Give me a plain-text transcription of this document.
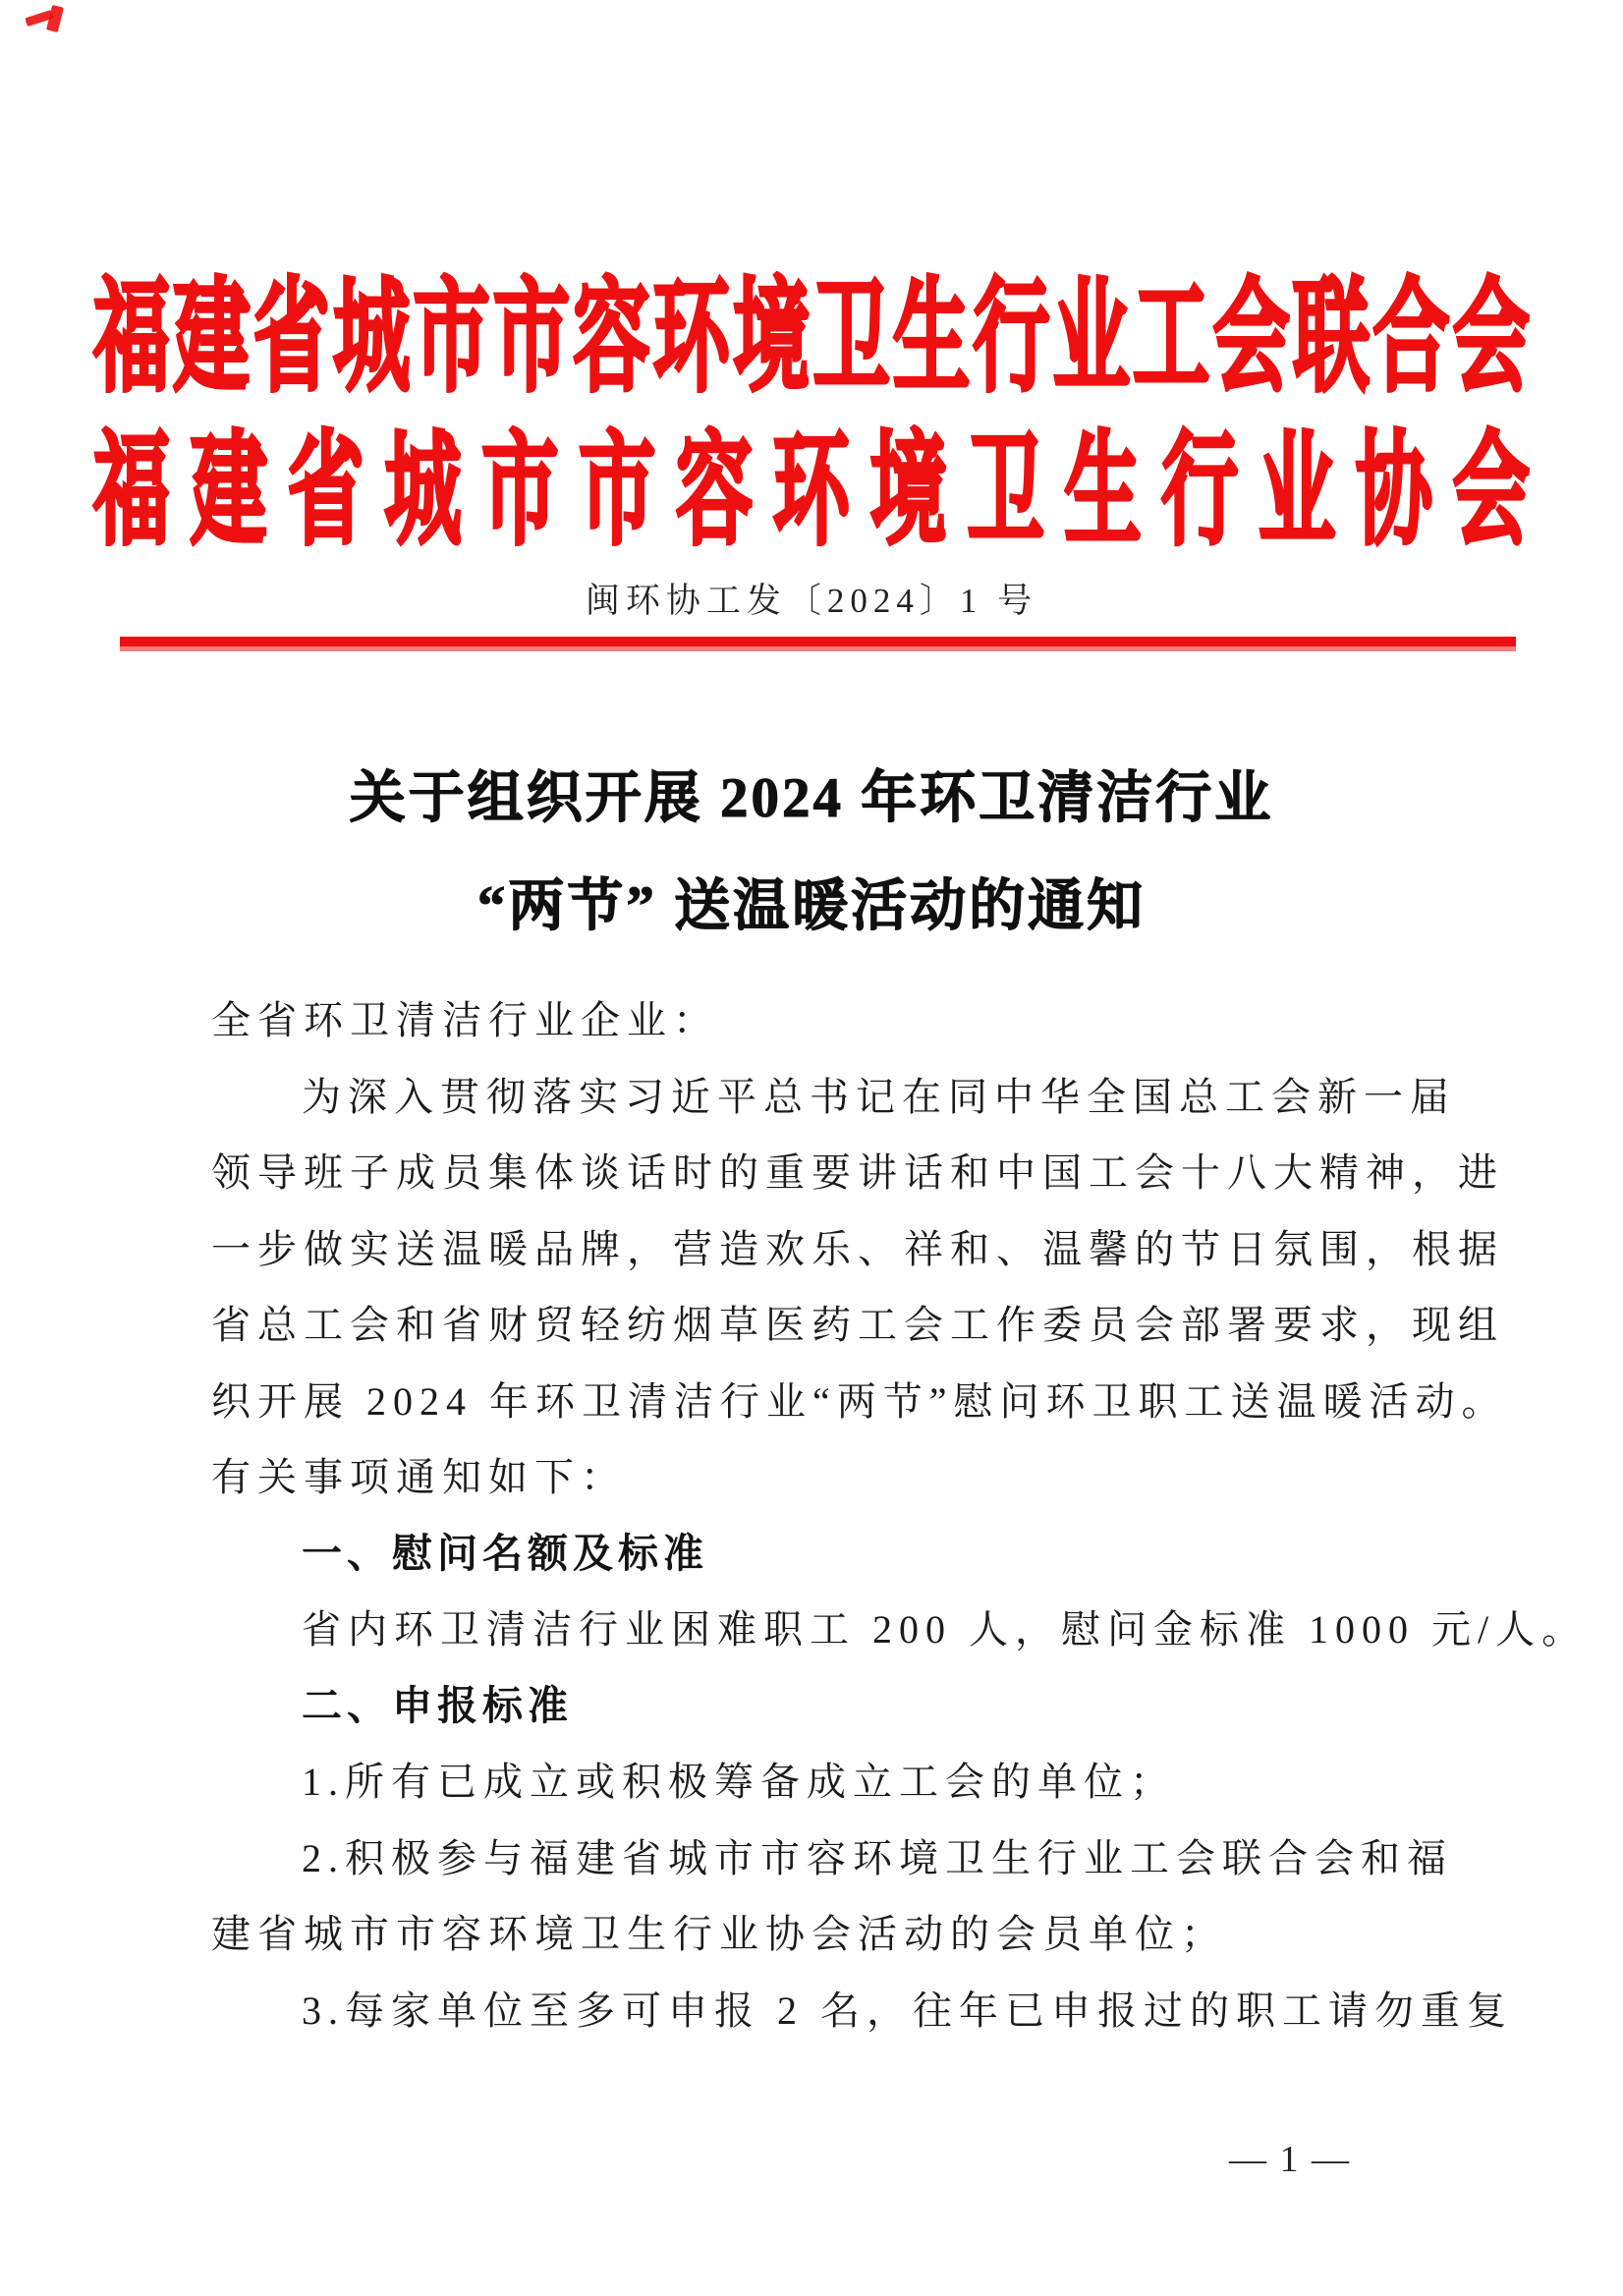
福 建 省 城 市 市 容 环 境 卫 生 行 业 工 会 联 合 会
福 建 省 城 市 市 容 环 境 卫 生 行 业 协 会
闽环协工发〔2024〕1 号
关于组织开展 2024 年环卫清洁行业
“两节” 送温暖活动的通知
全省环卫清洁行业企业：
为深入贯彻落实习近平总书记在同中华全国总工会新一届
领导班子成员集体谈话时的重要讲话和中国工会十八大精神，进
一步做实送温暖品牌，营造欢乐、祥和、温馨的节日氛围，根据
省总工会和省财贸轻纺烟草医药工会工作委员会部署要求，现组
织开展 2024 年环卫清洁行业“两节”慰问环卫职工送温暖活动。
有关事项通知如下：
一、慰问名额及标准
省内环卫清洁行业困难职工 200 人，慰问金标准 1000 元/人。
二、申报标准
1.所有已成立或积极筹备成立工会的单位；
2.积极参与福建省城市市容环境卫生行业工会联合会和福
建省城市市容环境卫生行业协会活动的会员单位；
3.每家单位至多可申报 2 名，往年已申报过的职工请勿重复
— 1 —
